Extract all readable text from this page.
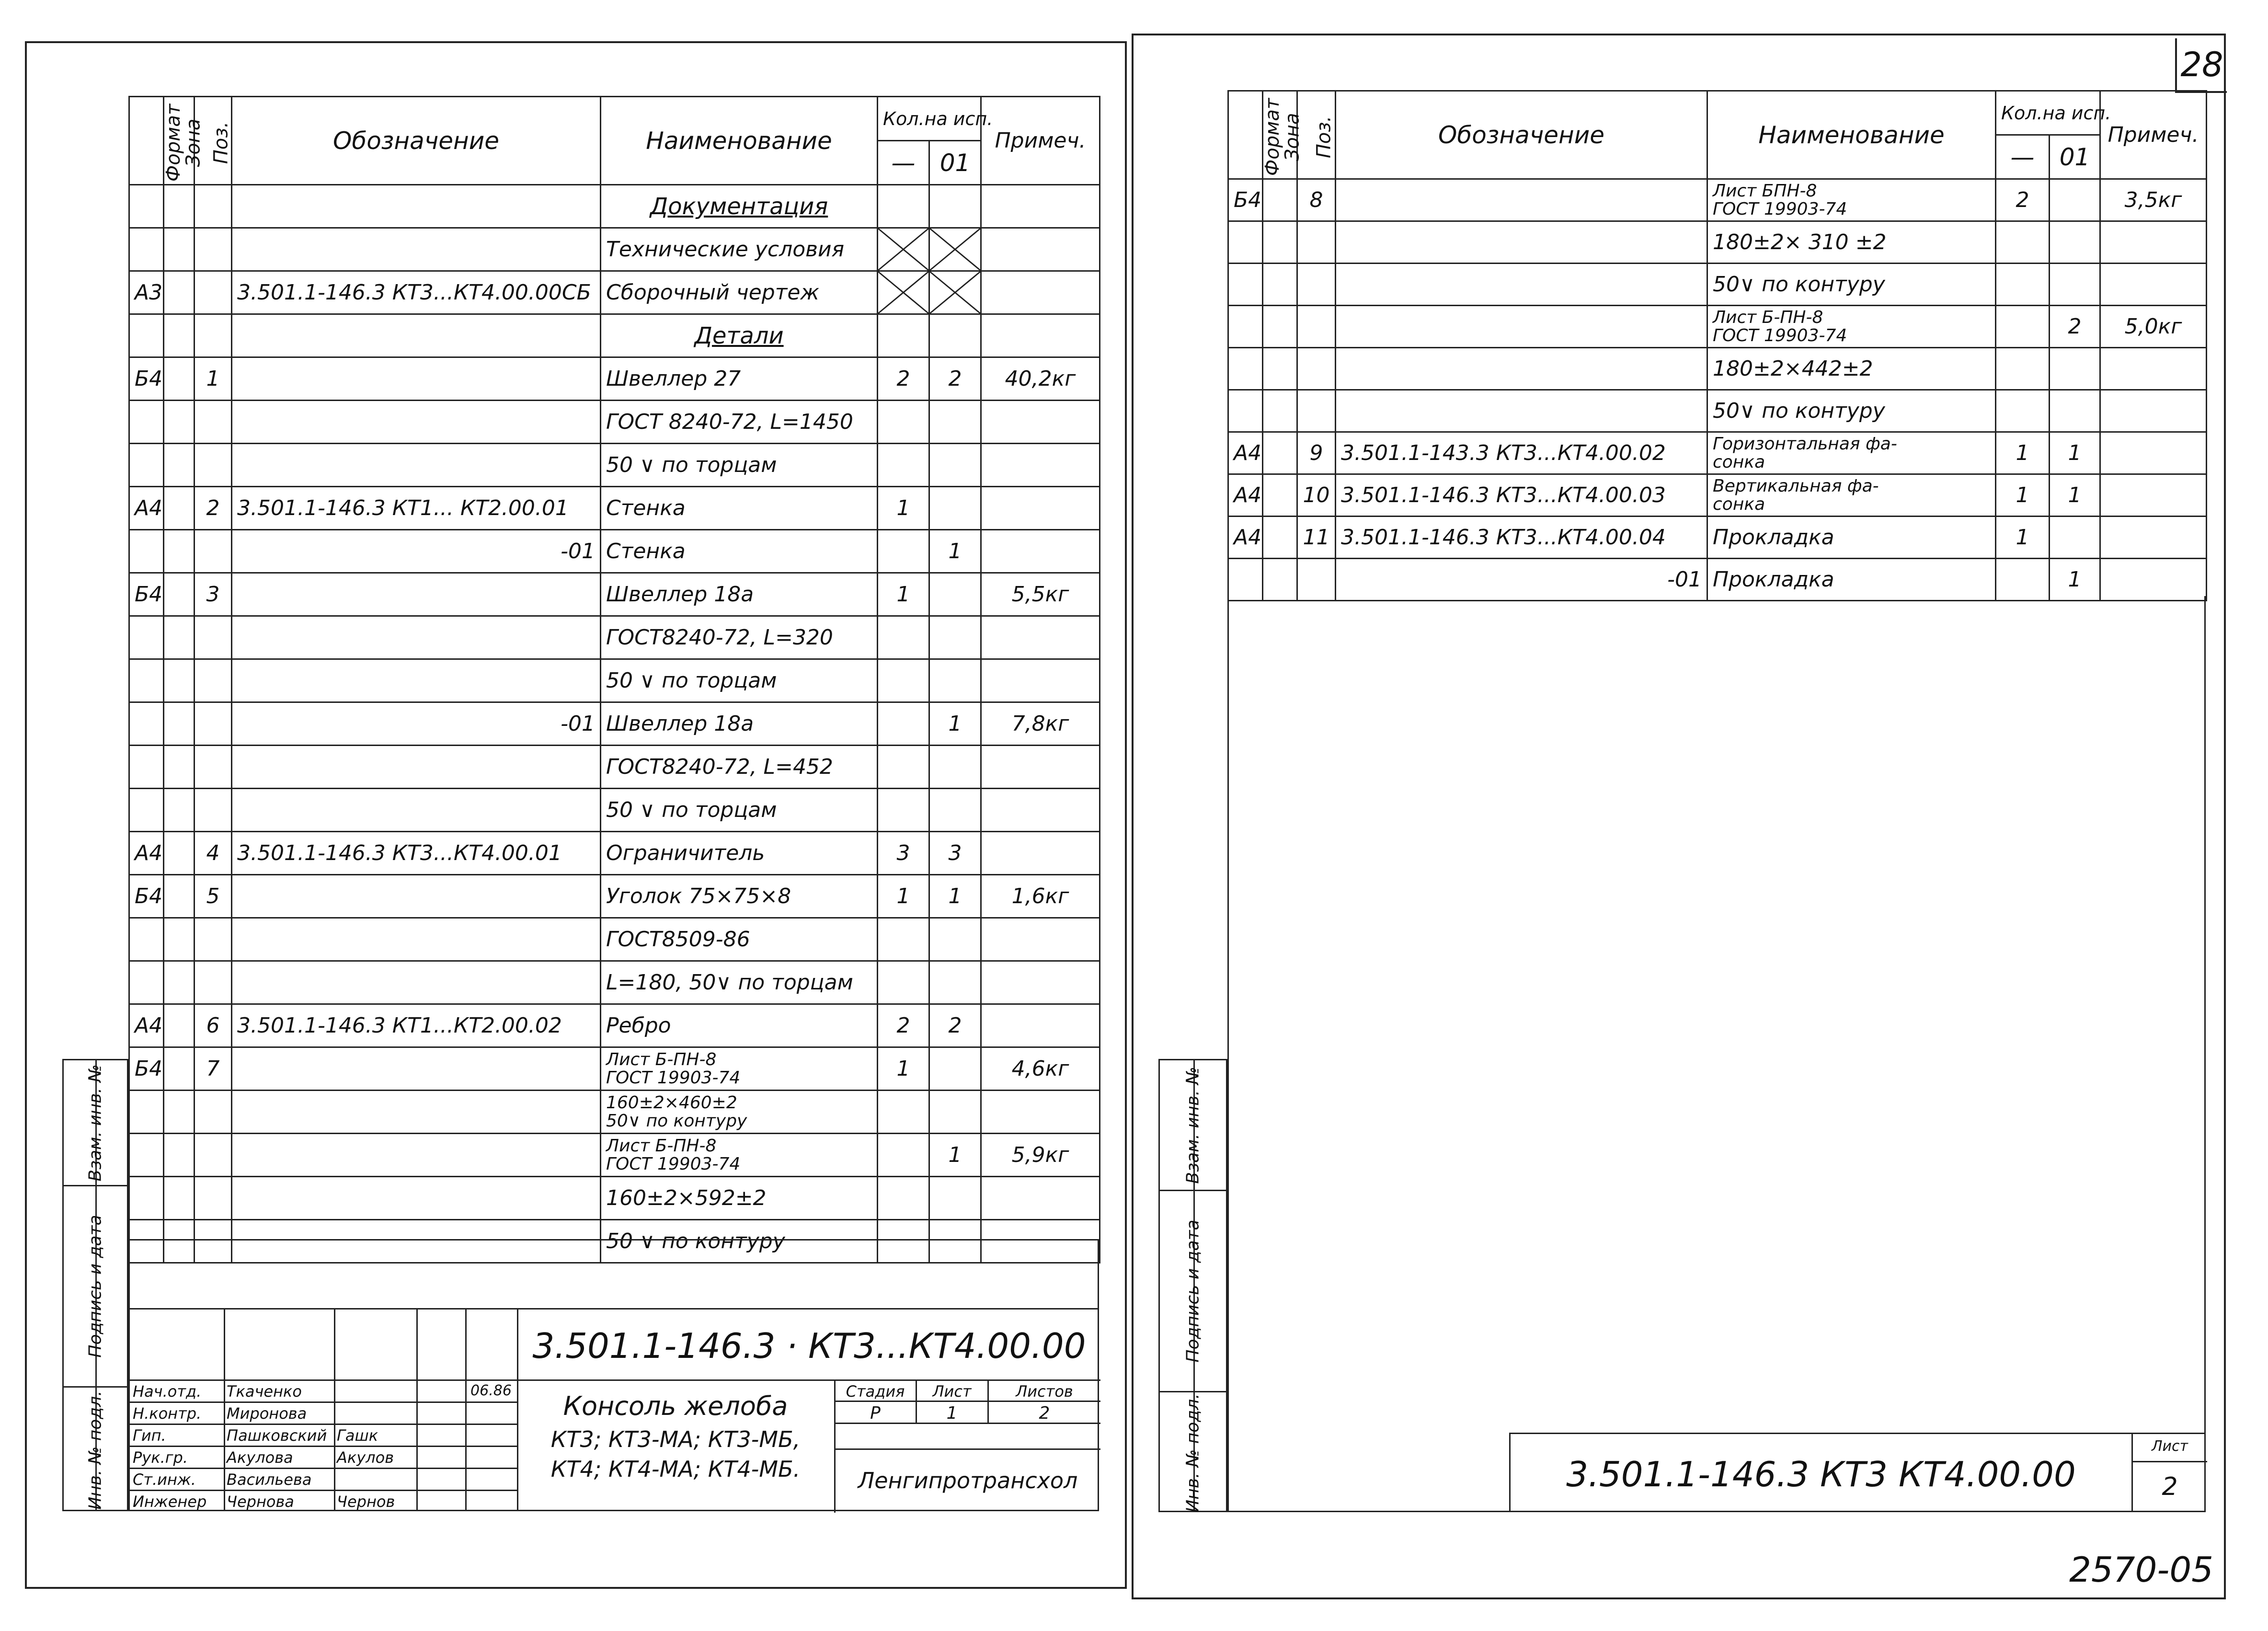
28
Формат	Зона	Поз.	Обозначение	Наименование	Кол.на исп.		Примеч.
					—	01	
				Документация			
				Технические условия	

А3			3.501.1-146.3 КТ3...КТ4.00.00СБ	Сборочный чертеж	

				Детали			
Б4		1		Швеллер 27	2	2	40,2кг
				ГОСТ 8240-72, L=1450			
				50 ∨ по торцам			
А4		2	3.501.1-146.3 КТ1... КТ2.00.01	Стенка	1		
			-01	Стенка		1	
Б4		3		Швеллер 18а	1		5,5кг
				ГОСТ8240-72, L=320			
				50 ∨ по торцам			
			-01	Швеллер 18а		1	7,8кг
				ГОСТ8240-72, L=452			
				50 ∨ по торцам			
А4		4	3.501.1-146.3 КТ3...КТ4.00.01	Ограничитель	3	3	
Б4		5		Уголок 75×75×8	1	1	1,6кг
				ГОСТ8509-86			
				L=180, 50∨ по торцам			
А4		6	3.501.1-146.3 КТ1...КТ2.00.02	Ребро	2	2	
Б4		7		Лист Б-ПН-8
ГОСТ 19903-74	1		4,6кг
				160±2×460±2
50∨ по контуру			
				Лист Б-ПН-8
ГОСТ 19903-74		1	5,9кг
				160±2×592±2			
				50 ∨ по контуру			
Взам. инв. №
Подпись и дата
Инв. № подл.
3.501.1-146.3 · КТ3...КТ4.00.00
Нач.отд.	Ткаченко
Н.контр.	Миронова
Гип.	Пашковский Гашк
Рук.гр.	Акулова	Акулов
Ст.инж.	Васильева
Инженер	Чернова	Чернов
06.86
Консоль желоба
КТ3; КТ3-МА; КТ3-МБ,
КТ4; КТ4-МА; КТ4-МБ.
Стадия	Лист	Листов
Р	1	2
Ленгипротрансхол
Формат	Зона	Поз.	Обозначение	Наименование	Кол.на исп.		Примеч.
					—	01	
Б4		8		Лист БПН-8
ГОСТ 19903-74	2		3,5кг
				180±2× 310 ±2			
				50∨ по контуру			
				Лист Б-ПН-8
ГОСТ 19903-74		2	5,0кг
				180±2×442±2			
				50∨ по контуру			
А4		9	3.501.1-143.3 КТ3...КТ4.00.02	Горизонтальная фа-
сонка	1	1	
А4		10	3.501.1-146.3 КТ3...КТ4.00.03	Вертикальная фа-
сонка	1	1	
А4		11	3.501.1-146.3 КТ3...КТ4.00.04	Прокладка	1		
			-01	Прокладка		1	
Взам. инв. №
Подпись и дата
Инв. № подл.	3.501.1-146.3 КТ3 КТ4.00.00
Лист
2
2570-05
